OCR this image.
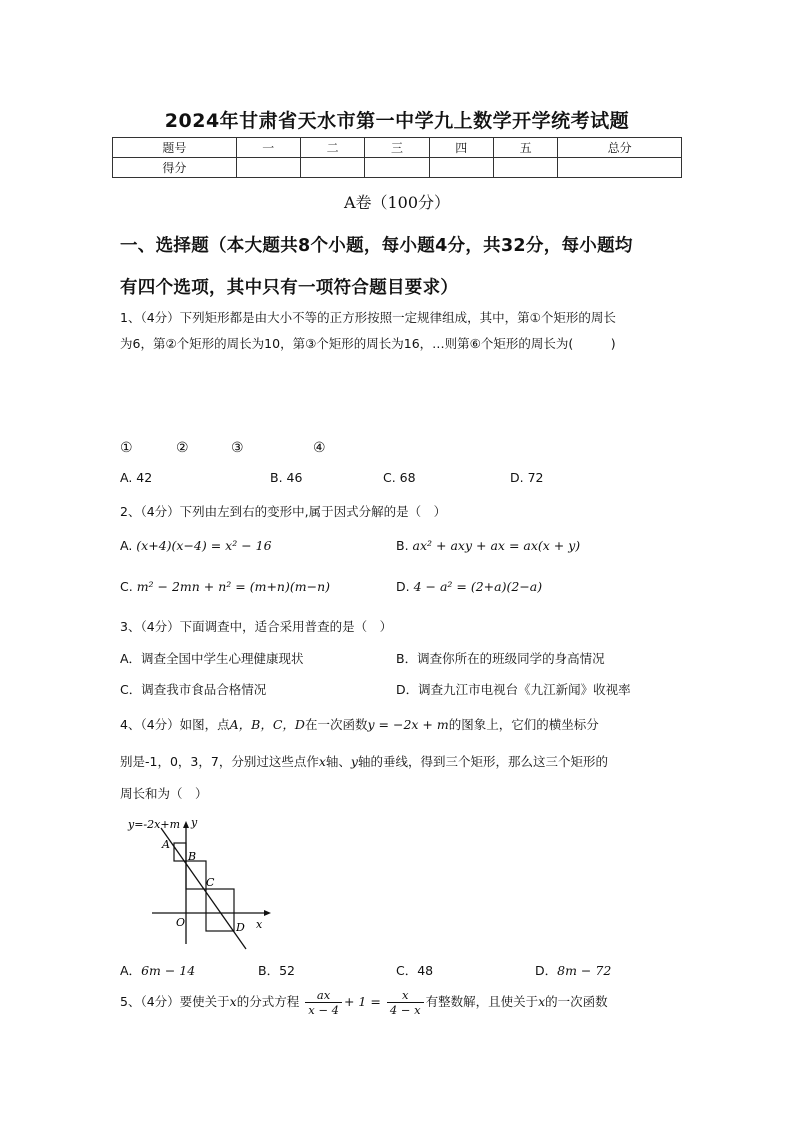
2024年甘肃省天水市第一中学九上数学开学统考试题
题号	一	二	三	四	五	总分
得分						
A卷（100分）
一、选择题（本大题共8个小题，每小题4分，共32分，每小题均
有四个选项，其中只有一项符合题目要求）
1、（4分）下列矩形都是由大小不等的正方形按照一定规律组成，其中，第①个矩形的周长
为6，第②个矩形的周长为10，第③个矩形的周长为16，…则第⑥个矩形的周长为(　　　)
①	②	③	④
A. 42	B. 46	C. 68	D. 72
2、（4分）下列由左到右的变形中,属于因式分解的是（　）
A. (x+4)(x−4) = x² − 16	B. ax² + axy + ax = ax(x + y)
C. m² − 2mn + n² = (m+n)(m−n)	D. 4 − a² = (2+a)(2−a)
3、（4分）下面调查中，适合采用普查的是（　）
A．调查全国中学生心理健康现状	B．调查你所在的班级同学的身高情况
C．调查我市食品合格情况	D．调查九江市电视台《九江新闻》收视率
4、（4分）如图，点A，B，C，D在一次函数y = −2x + m的图象上，它们的横坐标分
别是-1，0，3，7，分别过这些点作x轴、y轴的垂线，得到三个矩形，那么这三个矩形的
周长和为（　）
y=-2x+m y
A
B
C
O	D x
A．6m − 14	B．52	C．48	D．8m − 72
5、（4分）要使关于x的分式方程 $\frac{ax}{x - 4} + 1 = \frac{x}{4 - x}$ 有整数解，且使关于x的一次函数
